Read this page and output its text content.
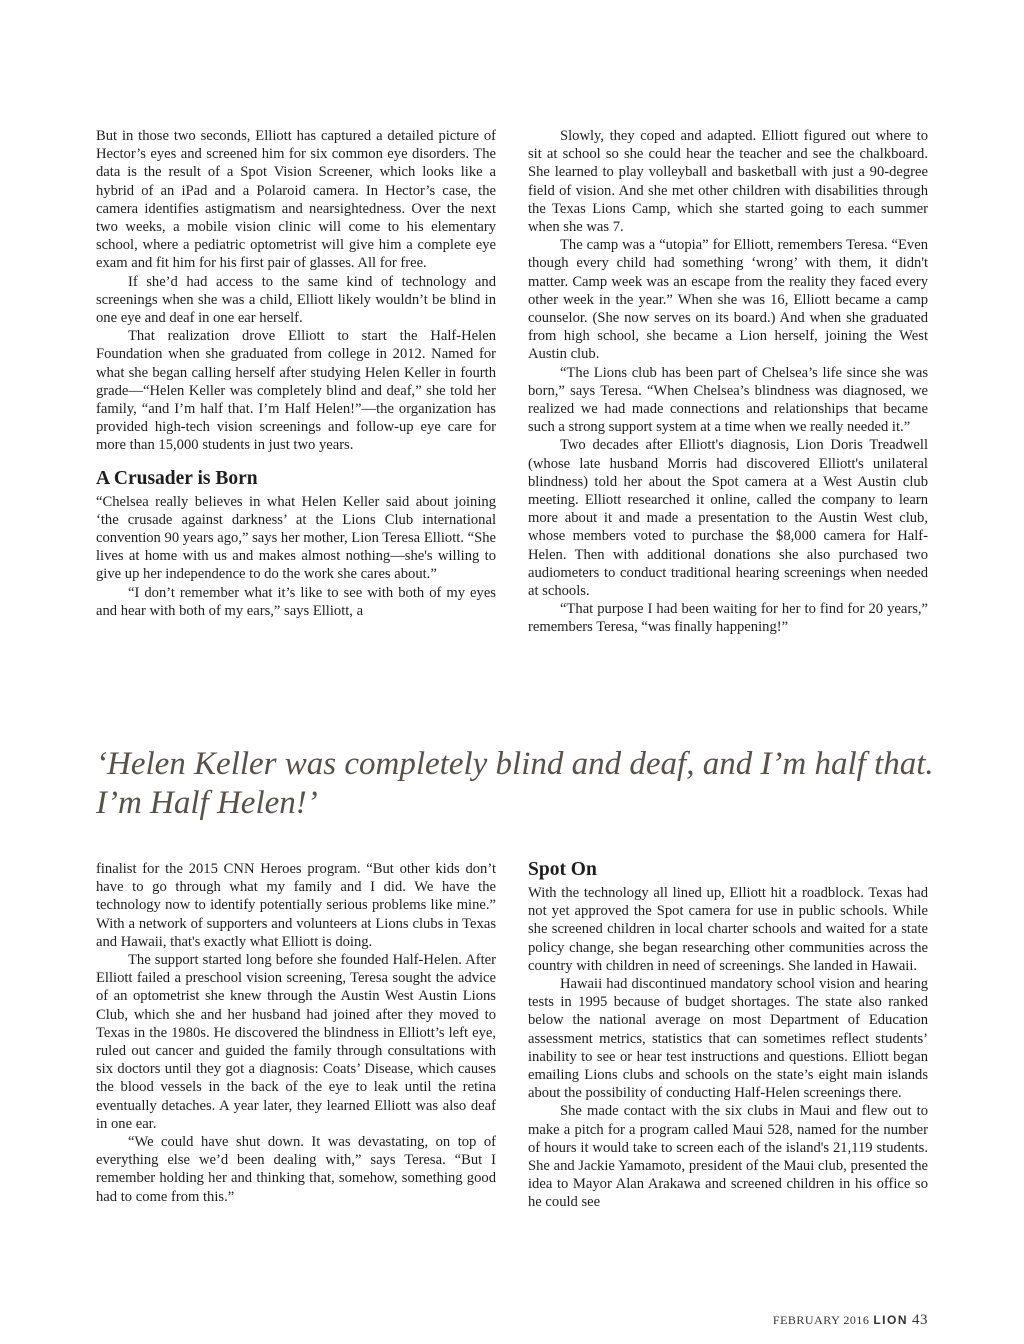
But in those two seconds, Elliott has captured a detailed picture of Hector’s eyes and screened him for six common eye disorders. The data is the result of a Spot Vision Screener, which looks like a hybrid of an iPad and a Polaroid camera. In Hector’s case, the camera identifies astigmatism and nearsightedness. Over the next two weeks, a mobile vision clinic will come to his elementary school, where a pediatric optometrist will give him a complete eye exam and fit him for his first pair of glasses. All for free.

If she’d had access to the same kind of technology and screenings when she was a child, Elliott likely wouldn’t be blind in one eye and deaf in one ear herself.

That realization drove Elliott to start the Half-Helen Foundation when she graduated from college in 2012. Named for what she began calling herself after studying Helen Keller in fourth grade—“Helen Keller was completely blind and deaf,” she told her family, “and I’m half that. I’m Half Helen!”—the organization has provided high-tech vision screenings and follow-up eye care for more than 15,000 students in just two years.

A Crusader is Born

“Chelsea really believes in what Helen Keller said about joining ‘the crusade against darkness’ at the Lions Club international convention 90 years ago,” says her mother, Lion Teresa Elliott. “She lives at home with us and makes almost nothing—she's willing to give up her independence to do the work she cares about.”

“I don’t remember what it’s like to see with both of my eyes and hear with both of my ears,” says Elliott, a

Slowly, they coped and adapted. Elliott figured out where to sit at school so she could hear the teacher and see the chalkboard. She learned to play volleyball and basketball with just a 90-degree field of vision. And she met other children with disabilities through the Texas Lions Camp, which she started going to each summer when she was 7.

The camp was a “utopia” for Elliott, remembers Teresa. “Even though every child had something ‘wrong’ with them, it didn't matter. Camp week was an escape from the reality they faced every other week in the year.” When she was 16, Elliott became a camp counselor. (She now serves on its board.) And when she graduated from high school, she became a Lion herself, joining the West Austin club.

“The Lions club has been part of Chelsea’s life since she was born,” says Teresa. “When Chelsea’s blindness was diagnosed, we realized we had made connections and relationships that became such a strong support system at a time when we really needed it.”

Two decades after Elliott's diagnosis, Lion Doris Treadwell (whose late husband Morris had discovered Elliott's unilateral blindness) told her about the Spot camera at a West Austin club meeting. Elliott researched it online, called the company to learn more about it and made a presentation to the Austin West club, whose members voted to purchase the $8,000 camera for Half-Helen. Then with additional donations she also purchased two audiometers to conduct traditional hearing screenings when needed at schools.

“That purpose I had been waiting for her to find for 20 years,” remembers Teresa, “was finally happening!”

‘Helen Keller was completely blind and deaf, and I’m half that. I’m Half Helen!’

finalist for the 2015 CNN Heroes program. “But other kids don’t have to go through what my family and I did. We have the technology now to identify potentially serious problems like mine.” With a network of supporters and volunteers at Lions clubs in Texas and Hawaii, that's exactly what Elliott is doing.

The support started long before she founded Half-Helen. After Elliott failed a preschool vision screening, Teresa sought the advice of an optometrist she knew through the Austin West Austin Lions Club, which she and her husband had joined after they moved to Texas in the 1980s. He discovered the blindness in Elliott’s left eye, ruled out cancer and guided the family through consultations with six doctors until they got a diagnosis: Coats’ Disease, which causes the blood vessels in the back of the eye to leak until the retina eventually detaches. A year later, they learned Elliott was also deaf in one ear.

“We could have shut down. It was devastating, on top of everything else we’d been dealing with,” says Teresa. “But I remember holding her and thinking that, somehow, something good had to come from this.”

Spot On

With the technology all lined up, Elliott hit a roadblock. Texas had not yet approved the Spot camera for use in public schools. While she screened children in local charter schools and waited for a state policy change, she began researching other communities across the country with children in need of screenings. She landed in Hawaii.

Hawaii had discontinued mandatory school vision and hearing tests in 1995 because of budget shortages. The state also ranked below the national average on most Department of Education assessment metrics, statistics that can sometimes reflect students’ inability to see or hear test instructions and questions. Elliott began emailing Lions clubs and schools on the state’s eight main islands about the possibility of conducting Half-Helen screenings there.

She made contact with the six clubs in Maui and flew out to make a pitch for a program called Maui 528, named for the number of hours it would take to screen each of the island's 21,119 students. She and Jackie Yamamoto, president of the Maui club, presented the idea to Mayor Alan Arakawa and screened children in his office so he could see

FEBRUARY 2016 LION 43
